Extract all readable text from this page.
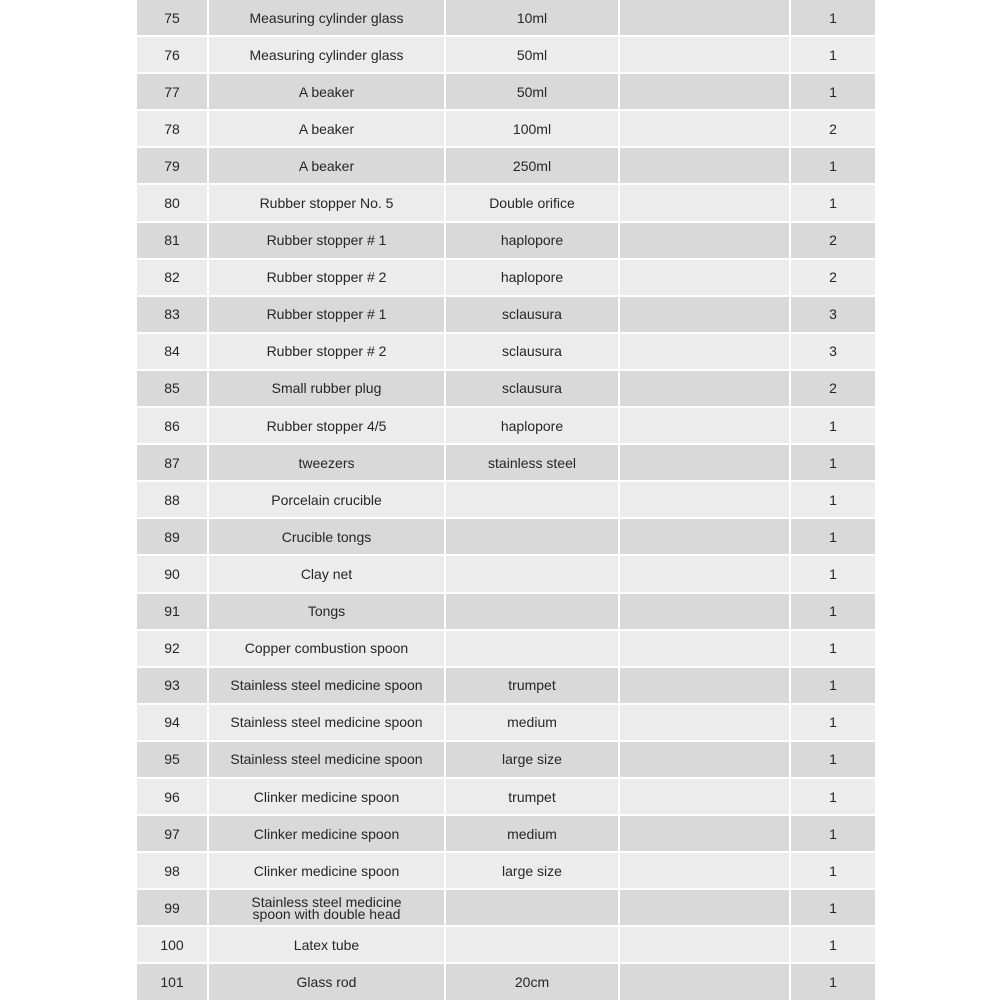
75	Measuring cylinder glass	10ml		1
76	Measuring cylinder glass	50ml		1
77	A beaker	50ml		1
78	A beaker	100ml		2
79	A beaker	250ml		1
80	Rubber stopper No. 5	Double orifice		1
81	Rubber stopper # 1	haplopore		2
82	Rubber stopper # 2	haplopore		2
83	Rubber stopper # 1	sclausura		3
84	Rubber stopper # 2	sclausura		3
85	Small rubber plug	sclausura		2
86	Rubber stopper 4/5	haplopore		1
87	tweezers	stainless steel		1
88	Porcelain crucible			1
89	Crucible tongs			1
90	Clay net			1
91	Tongs			1
92	Copper combustion spoon			1
93	Stainless steel medicine spoon	trumpet		1
94	Stainless steel medicine spoon	medium		1
95	Stainless steel medicine spoon	large size		1
96	Clinker medicine spoon	trumpet		1
97	Clinker medicine spoon	medium		1
98	Clinker medicine spoon	large size		1
99	Stainless steel medicine spoon with double head			1
100	Latex tube			1
101	Glass rod	20cm		1
